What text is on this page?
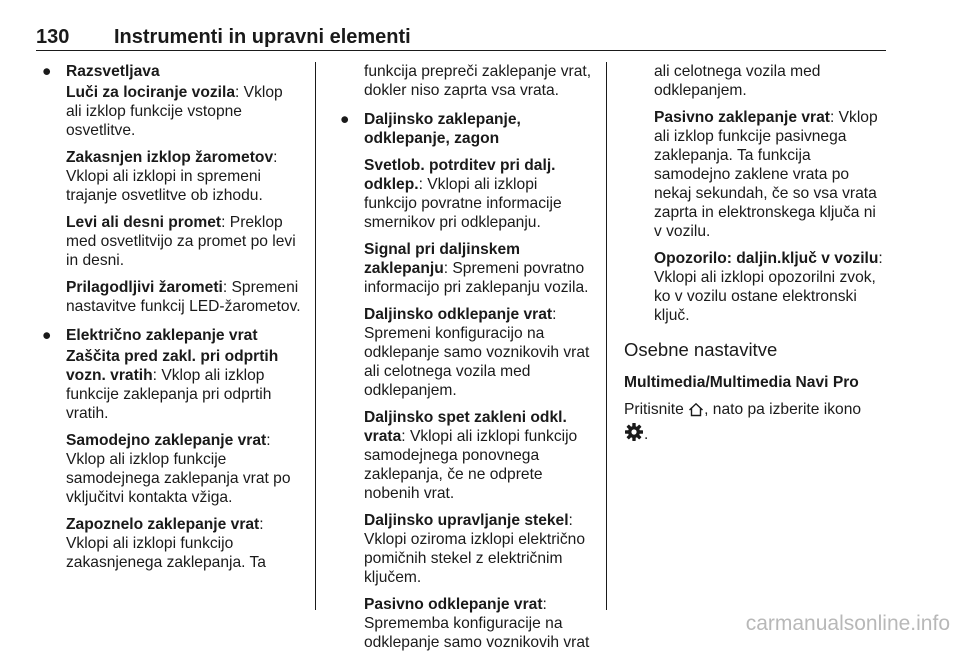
130 Instrumenti in upravni elementi
● Razsvetljava
Luči za lociranje vozila: Vklop ali izklop funkcije vstopne osvetlitve.
Zakasnjen izklop žarometov: Vklopi ali izklopi in spremeni trajanje osvetlitve ob izhodu.
Levi ali desni promet: Preklop med osvetlitvijo za promet po levi in desni.
Prilagodljivi žarometi: Spremeni nastavitve funkcij LED-žarometov.
● Električno zaklepanje vrat
Zaščita pred zakl. pri odprtih vozn. vratih: Vklop ali izklop funkcije zaklepanja pri odprtih vratih.
Samodejno zaklepanje vrat: Vklop ali izklop funkcije samodejnega zaklepanja vrat po vključitvi kontakta vžiga.
Zapoznelo zaklepanje vrat: Vklopi ali izklopi funkcijo zakasnjenega zaklepanja. Ta
funkcija prepreči zaklepanje vrat, dokler niso zaprta vsa vrata.
● Daljinsko zaklepanje, odklepanje, zagon
Svetlob. potrditev pri dalj. odklep.: Vklopi ali izklopi funkcijo povratne informacije smernikov pri odklepanju.
Signal pri daljinskem zaklepanju: Spremeni povratno informacijo pri zaklepanju vozila.
Daljinsko odklepanje vrat: Spremeni konfiguracijo na odklepanje samo voznikovih vrat ali celotnega vozila med odklepanjem.
Daljinsko spet zakleni odkl. vrata: Vklopi ali izklopi funkcijo samodejnega ponovnega zaklepanja, če ne odprete nobenih vrat.
Daljinsko upravljanje stekel: Vklopi oziroma izklopi električno pomičnih stekel z električnim ključem.
Pasivno odklepanje vrat: Sprememba konfiguracije na odklepanje samo voznikovih vrat
ali celotnega vozila med odklepanjem.
Pasivno zaklepanje vrat: Vklop ali izklop funkcije pasivnega zaklepanja. Ta funkcija samodejno zaklene vrata po nekaj sekundah, če so vsa vrata zaprta in elektronskega ključa ni v vozilu.
Opozorilo: daljin.ključ v vozilu: Vklopi ali izklopi opozorilni zvok, ko v vozilu ostane elektronski ključ.
Osebne nastavitve
Multimedia/Multimedia Navi Pro
Pritisnite , nato pa izberite ikono
.
carmanualsonline.info
